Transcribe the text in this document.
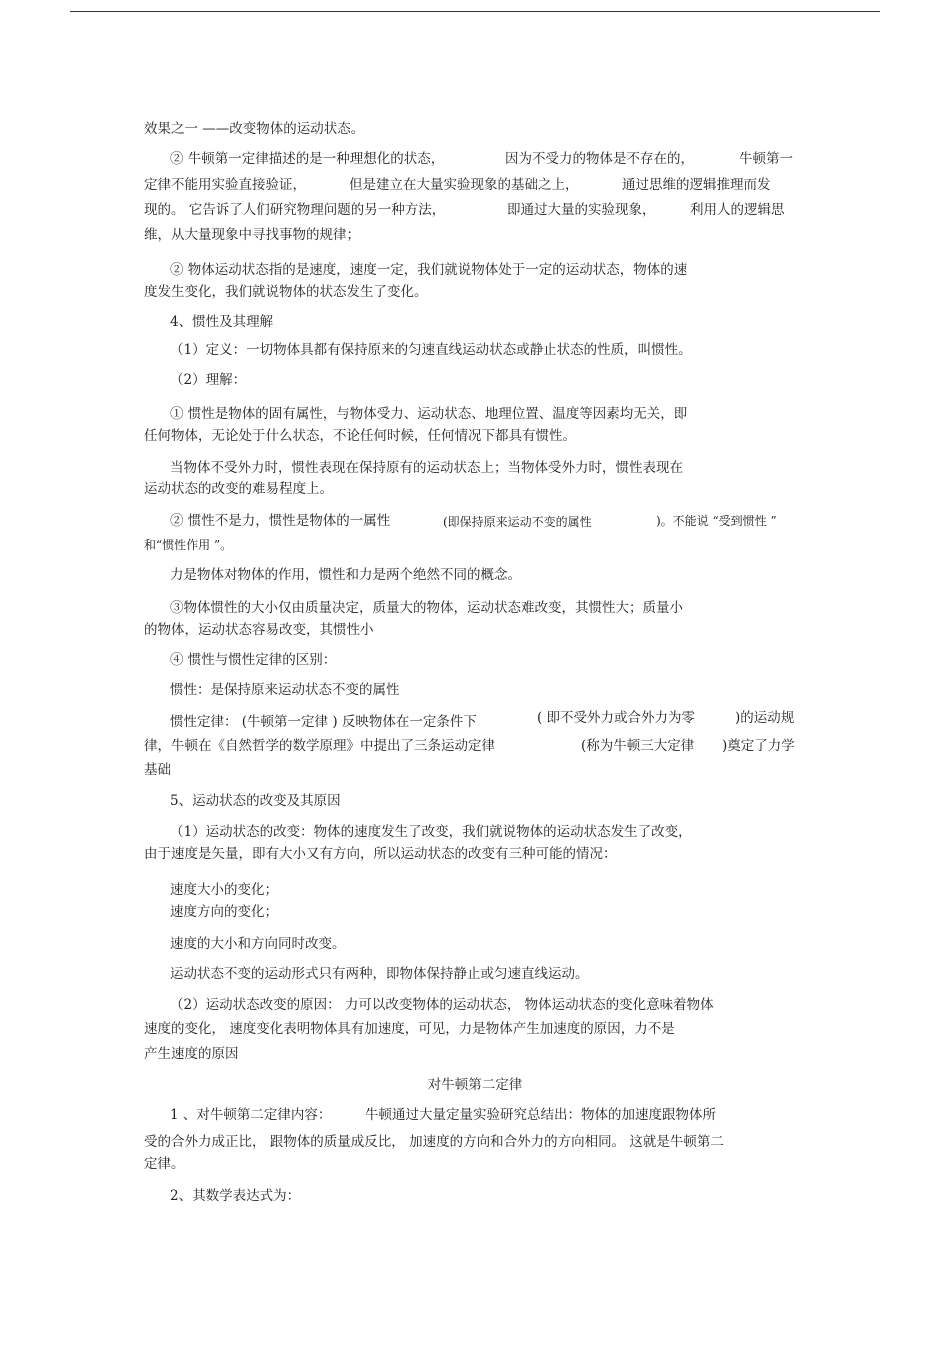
效果之一 ——改变物体的运动状态。
② 牛顿第一定律描述的是一种理想化的状态，	因为不受力的物体是不存在的，	牛顿第一
定律不能用实验直接验证，	但是建立在大量实验现象的基础之上，	通过思维的逻辑推理而发
现的。 它告诉了人们研究物理问题的另一种方法，	即通过大量的实验现象，	利用人的逻辑思
维，从大量现象中寻找事物的规律；
② 物体运动状态指的是速度，速度一定，我们就说物体处于一定的运动状态，物体的速
度发生变化，我们就说物体的状态发生了变化。
4、惯性及其理解
（1）定义：一切物体具都有保持原来的匀速直线运动状态或静止状态的性质，叫惯性。
（2）理解：
① 惯性是物体的固有属性，与物体受力、运动状态、地理位置、温度等因素均无关，即
任何物体，无论处于什么状态，不论任何时候，任何情况下都具有惯性。
当物体不受外力时，惯性表现在保持原有的运动状态上；当物体受外力时，惯性表现在
运动状态的改变的难易程度上。
② 惯性不是力，惯性是物体的一属性	(即保持原来运动不变的属性	)。不能说 “受到惯性 ”
和“惯性作用 ”。
力是物体对物体的作用，惯性和力是两个绝然不同的概念。
③物体惯性的大小仅由质量决定，质量大的物体，运动状态难改变，其惯性大；质量小
的物体，运动状态容易改变，其惯性小
④ 惯性与惯性定律的区别：
惯性：是保持原来运动状态不变的属性
惯性定律： (牛顿第一定律 ) 反映物体在一定条件下	( 即不受外力或合外力为零	)的运动规
律，牛顿在《自然哲学的数学原理》中提出了三条运动定律	(称为牛顿三大定律 )奠定了力学
基础
5、运动状态的改变及其原因
（1）运动状态的改变：物体的速度发生了改变，我们就说物体的运动状态发生了改变，
由于速度是矢量，即有大小又有方向，所以运动状态的改变有三种可能的情况：
速度大小的变化；
速度方向的变化；
速度的大小和方向同时改变。
运动状态不变的运动形式只有两种，即物体保持静止或匀速直线运动。
（2）运动状态改变的原因： 力可以改变物体的运动状态， 物体运动状态的变化意味着物体
速度的变化， 速度变化表明物体具有加速度，可见，力是物体产生加速度的原因，力不是
产生速度的原因
对牛顿第二定律
1 、对牛顿第二定律内容： 牛顿通过大量定量实验研究总结出：物体的加速度跟物体所
受的合外力成正比， 跟物体的质量成反比， 加速度的方向和合外力的方向相同。 这就是牛顿第二
定律。
2、其数学表达式为：
